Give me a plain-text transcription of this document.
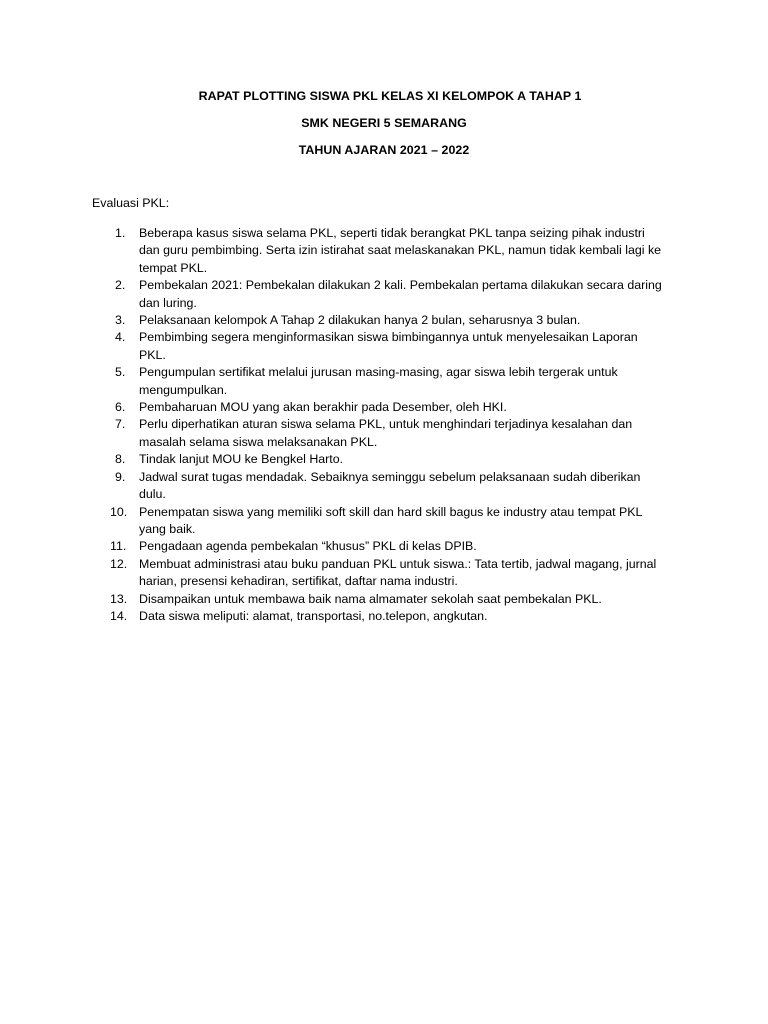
RAPAT PLOTTING SISWA PKL KELAS XI KELOMPOK A TAHAP 1
SMK NEGERI 5 SEMARANG
TAHUN AJARAN 2021 – 2022
Evaluasi PKL:
1.	Beberapa kasus siswa selama PKL, seperti tidak berangkat PKL tanpa seizing pihak industri dan guru pembimbing. Serta izin istirahat saat melaskanakan PKL, namun tidak kembali lagi ke tempat PKL.
2.	Pembekalan 2021: Pembekalan dilakukan 2 kali. Pembekalan pertama dilakukan secara daring dan luring.
3.	Pelaksanaan kelompok A Tahap 2 dilakukan hanya 2 bulan, seharusnya 3 bulan.
4.	Pembimbing segera menginformasikan siswa bimbingannya untuk menyelesaikan Laporan PKL.
5.	Pengumpulan sertifikat melalui jurusan masing-masing, agar siswa lebih tergerak untuk mengumpulkan.
6.	Pembaharuan MOU yang akan berakhir pada Desember, oleh HKI.
7.	Perlu diperhatikan aturan siswa selama PKL, untuk menghindari terjadinya kesalahan dan masalah selama siswa melaksanakan PKL.
8.	Tindak lanjut MOU ke Bengkel Harto.
9.	Jadwal surat tugas mendadak. Sebaiknya seminggu sebelum pelaksanaan sudah diberikan dulu.
10. Penempatan siswa yang memiliki soft skill dan hard skill bagus ke industry atau tempat PKL yang baik.
11. Pengadaan agenda pembekalan “khusus” PKL di kelas DPIB.
12. Membuat administrasi atau buku panduan PKL untuk siswa.: Tata tertib, jadwal magang, jurnal harian, presensi kehadiran, sertifikat, daftar nama industri.
13. Disampaikan untuk membawa baik nama almamater sekolah saat pembekalan PKL.
14. Data siswa meliputi: alamat, transportasi, no.telepon, angkutan.
